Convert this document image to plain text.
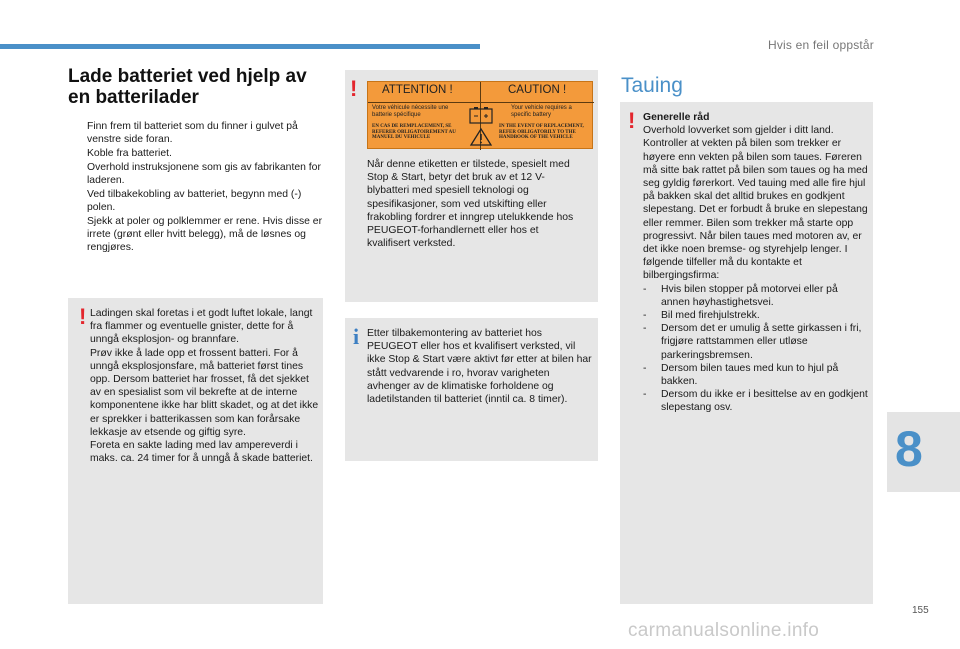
Hvis en feil oppstår
Lade batteriet ved hjelp av en batterilader
Finn frem til batteriet som du finner i gulvet på venstre side foran.
Koble fra batteriet.
Overhold instruksjonene som gis av fabrikanten for laderen.
Ved tilbakekobling av batteriet, begynn med (-) polen.
Sjekk at poler og polklemmer er rene. Hvis disse er irrete (grønt eller hvitt belegg), må de løsnes og rengjøres.
! Ladingen skal foretas i et godt luftet lokale, langt fra flammer og eventuelle gnister, dette for å unngå eksplosjon- og brannfare.
Prøv ikke å lade opp et frossent batteri. For å unngå eksplosjonsfare, må batteriet først tines opp. Dersom batteriet har frosset, få det sjekket av en spesialist som vil bekrefte at de interne komponentene ikke har blitt skadet, og at det ikke er sprekker i batterikassen som kan forårsake lekkasje av etsende og giftig syre.
Foreta en sakte lading med lav ampereverdi i maks. ca. 24 timer for å unngå å skade batteriet.
! ATTENTION !	CAUTION !
Votre véhicule nécessite une batterie spécifique
Your vehicle requires a specific battery
EN CAS DE REMPLACEMENT, SE REFERER OBLIGATOIREMENT AU MANUEL DU VEHICULE
IN THE EVENT OF REPLACEMENT, REFER OBLIGATORILY TO THE HANDBOOK OF THE VEHICLE
Når denne etiketten er tilstede, spesielt med Stop & Start, betyr det bruk av et 12 V-blybatteri med spesiell teknologi og spesifikasjoner, som ved utskifting eller frakobling fordrer et inngrep utelukkende hos PEUGEOT-forhandlernett eller hos et kvalifisert verksted.
i Etter tilbakemontering av batteriet hos PEUGEOT eller hos et kvalifisert verksted, vil ikke Stop & Start være aktivt før etter at bilen har stått vedvarende i ro, hvorav varigheten avhenger av de klimatiske forholdene og ladetilstanden til batteriet (inntil ca. 8 timer).
Tauing
! Generelle råd

Overhold lovverket som gjelder i ditt land. Kontroller at vekten på bilen som trekker er høyere enn vekten på bilen som taues. Føreren må sitte bak rattet på bilen som taues og ha med seg gyldig førerkort. Ved tauing med alle fire hjul på bakken skal det alltid brukes en godkjent slepestang. Det er forbudt å bruke en slepestang eller remmer. Bilen som trekker må starte opp progressivt. Når bilen taues med motoren av, er det ikke noen bremse- og styrehjelp lenger. I følgende tilfeller må du kontakte et bilbergingsfirma:

- Hvis bilen stopper på motorvei eller på annen høyhastighetsvei.
- Bil med firehjulstrekk.
- Dersom det er umulig å sette girkassen i fri, frigjøre rattstammen eller utløse parkeringsbremsen.
- Dersom bilen taues med kun to hjul på bakken.
- Dersom du ikke er i besittelse av en godkjent slepestang osv.
8
155
carmanualsonline.info
